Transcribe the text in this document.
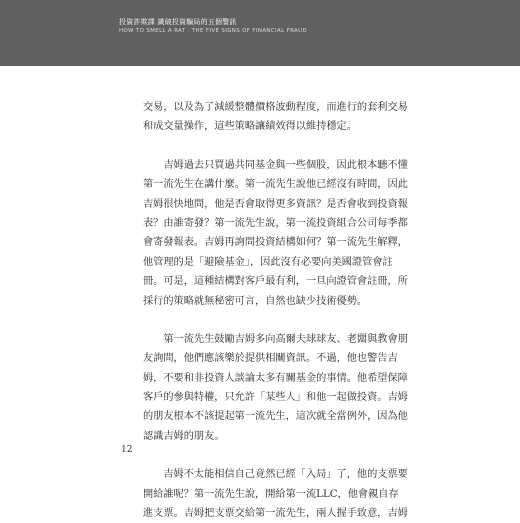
投資詐欺課 識破投資騙局的五個警訊
HOW TO SMELL A RAT · THE FIVE SIGNS OF FINANCIAL FRAUD
交易，以及為了減緩整體價格波動程度，而進行的套利交易
和成交量操作，這些策略讓績效得以維持穩定。
　　吉姆過去只買過共同基金與一些個股，因此根本聽不懂
第一流先生在講什麼。第一流先生說他已經沒有時間，因此
吉姆很快地問，他是否會取得更多資訊？是否會收到投資報
表？由誰寄發？第一流先生說，第一流投資組合公司每季都
會寄發報表。吉姆再詢問投資結構如何？第一流先生解釋，
他管理的是「避險基金」，因此沒有必要向美國證管會註
冊。可是，這種結構對客戶最有利，一旦向證管會註冊，所
採行的策略就無秘密可言，自然也缺少技術優勢。
　　第一流先生鼓勵吉姆多向高爾夫球球友、老闆與教會朋
友詢問，他們應該樂於提供相關資訊。不過，他也警告吉
姆，不要和非投資人談論太多有關基金的事情。他希望保障
客戶的參與特權，只允許「某些人」和他一起做投資。吉姆
的朋友根本不該提起第一流先生，這次就全當例外，因為他
認識吉姆的朋友。
　　吉姆不太能相信自己竟然已經「入局」了，他的支票要
開給誰呢？第一流先生說，開給第一流LLC，他會親自存
進支票。吉姆把支票交給第一流先生，兩人握手致意，吉姆
12
